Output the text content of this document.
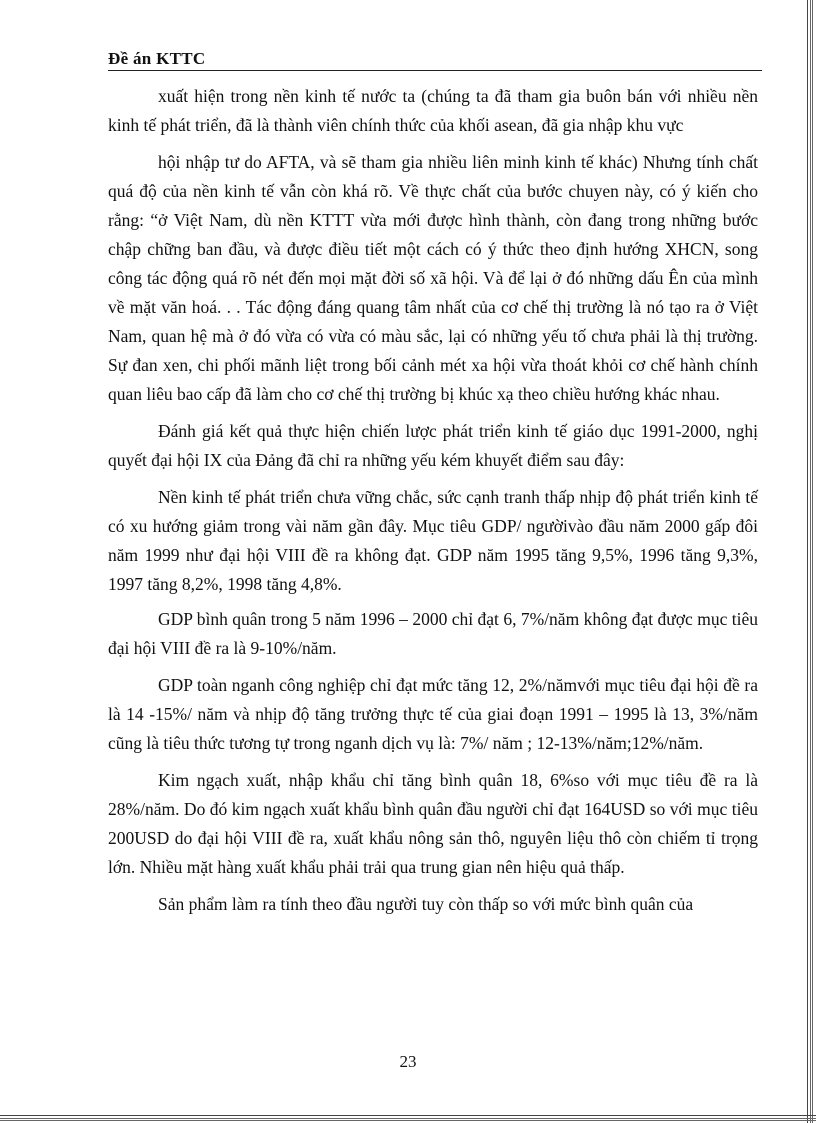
Đề án KTTC

xuất hiện trong nền kinh tế nước ta (chúng ta đã tham gia buôn bán với nhiều nền kinh tế phát triển, đã là thành viên chính thức của khối asean, đã gia nhập khu vực

hội nhập tư do AFTA, và sẽ tham gia nhiều liên minh kinh tế khác) Nhưng tính chất quá độ của nền kinh tế vẫn còn khá rõ. Về thực chất của bước chuyen này, có ý kiến cho rằng: “ở Việt Nam, dù nền KTTT vừa mới được hình thành, còn đang trong những bước chập chững ban đầu, và được điều tiết một cách có ý thức theo định hướng XHCN, song công tác động quá rõ nét đến mọi mặt đời số xã hội. Và để lại ở đó những dấu Ên của mình về mặt văn hoá. . . Tác động đáng quang tâm nhất của cơ chế thị trường là nó tạo ra ở Việt Nam, quan hệ mà ở đó vừa có vừa có màu sắc, lại có những yếu tố chưa phải là thị trường. Sự đan xen, chi phối mãnh liệt trong bối cảnh mét xa hội vừa thoát khỏi cơ chế hành chính quan liêu bao cấp đã làm cho cơ chế thị trường bị khúc xạ theo chiều hướng khác nhau.

Đánh giá kết quả thực hiện chiến lược phát triển kinh tế giáo dục 1991-2000, nghị quyết đại hội IX của Đảng đã chỉ ra những yếu kém khuyết điểm sau đây:

Nền kinh tế phát triển chưa vững chắc, sức cạnh tranh thấp nhịp độ phát triển kinh tế có xu hướng giảm trong vài năm gần đây. Mục tiêu GDP/ ngườivào đầu năm 2000 gấp đôi năm 1999 như đại hội VIII đề ra không đạt. GDP năm 1995 tăng 9,5%, 1996 tăng 9,3%, 1997 tăng 8,2%, 1998 tăng 4,8%.

GDP bình quân trong 5 năm 1996 – 2000 chỉ đạt 6, 7%/năm không đạt được mục tiêu đại hội VIII đề ra là 9-10%/năm.

GDP toàn nganh công nghiệp chỉ đạt mức tăng 12, 2%/nămvới mục tiêu đại hội đề ra là 14 -15%/ năm và nhịp độ tăng trưởng thực tế của giai đoạn 1991 – 1995 là 13, 3%/năm cũng là tiêu thức tương tự trong nganh dịch vụ là: 7%/ năm ; 12-13%/năm;12%/năm.

Kim ngạch xuất, nhập khẩu chỉ tăng bình quân 18, 6%so với mục tiêu đề ra là 28%/năm. Do đó kim ngạch xuất khẩu bình quân đầu người chỉ đạt 164USD so với mục tiêu 200USD do đại hội VIII đề ra, xuất khẩu nông sản thô, nguyên liệu thô còn chiếm tỉ trọng lớn. Nhiều mặt hàng xuất khẩu phải trải qua trung gian nên hiệu quả thấp.

Sản phẩm làm ra tính theo đầu người tuy còn thấp so với mức bình quân của

23
